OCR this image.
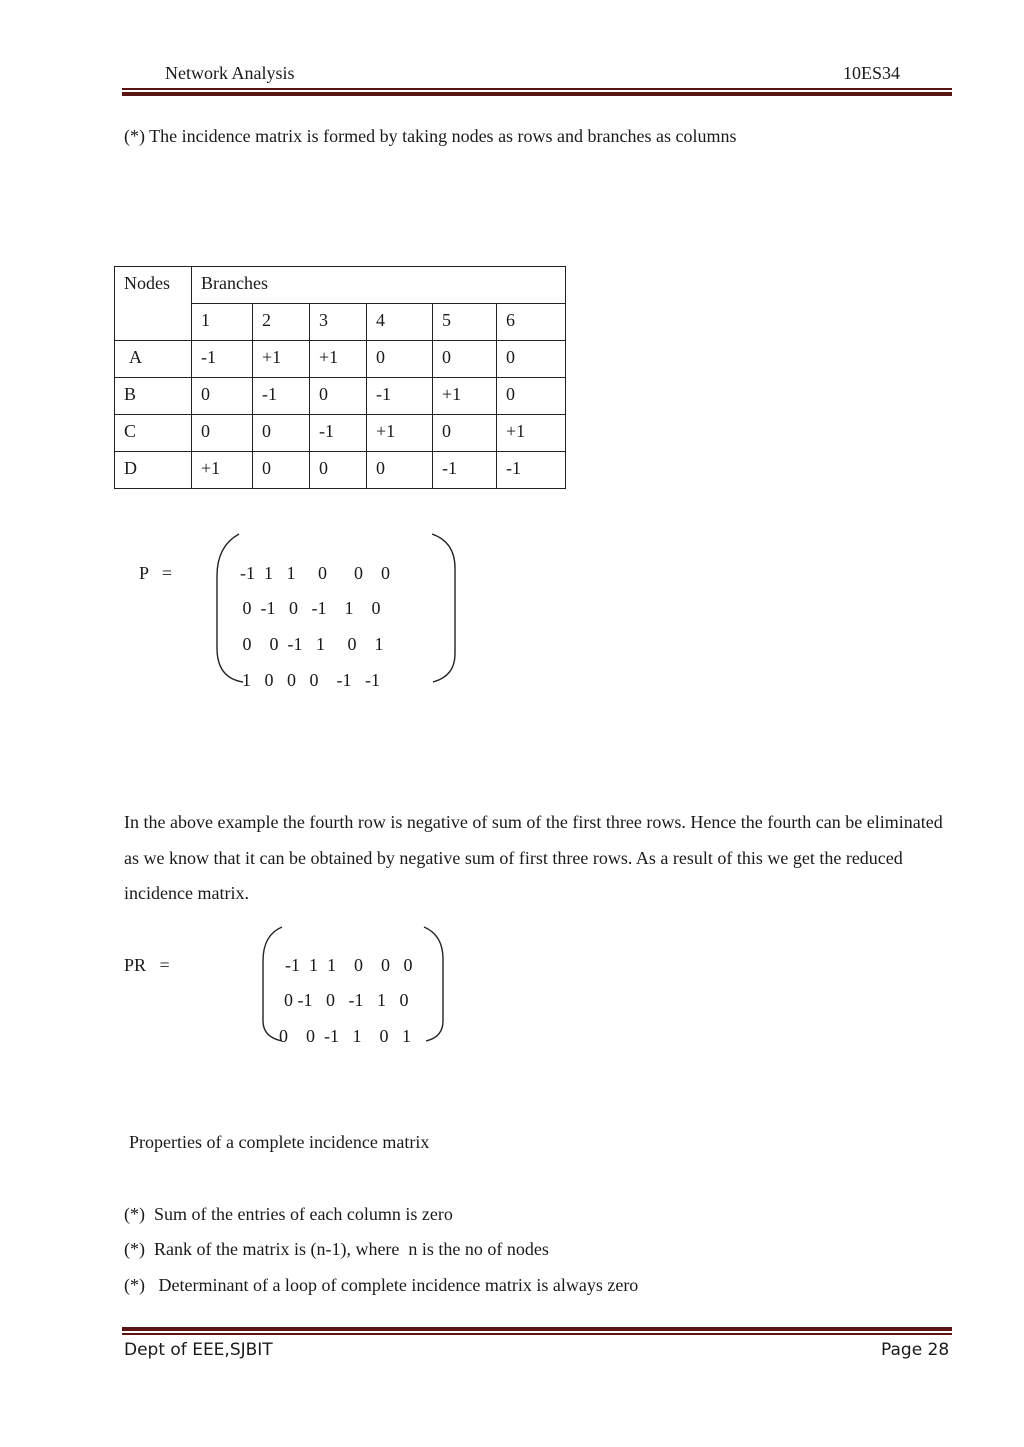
Network Analysis	10ES34
(*) The incidence matrix is formed by taking nodes as rows and branches as columns
Nodes	Branches					
	1	2	3	4	5	6
A	-1	+1	+1	0	0	0
B	0	-1	0	-1	+1	0
C	0	0	-1	+1	0	+1
D	+1	0	0	0	-1	-1
P   =	-1  1   1     0      0    0
0  -1   0   -1    1    0
0    0  -1   1     0    1
1   0   0   0    -1   -1
In the above example the fourth row is negative of sum of the first three rows. Hence the fourth can be eliminated as we know that it can be obtained by negative sum of first three rows. As a result of this we get the reduced incidence matrix.
PR   =	-1  1  1    0    0   0
0 -1   0   -1   1   0
0    0  -1   1    0   1
Properties of a complete incidence matrix
(*)  Sum of the entries of each column is zero
(*)  Rank of the matrix is (n-1), where  n is the no of nodes
(*)   Determinant of a loop of complete incidence matrix is always zero
Dept of EEE,SJBIT	Page 28
